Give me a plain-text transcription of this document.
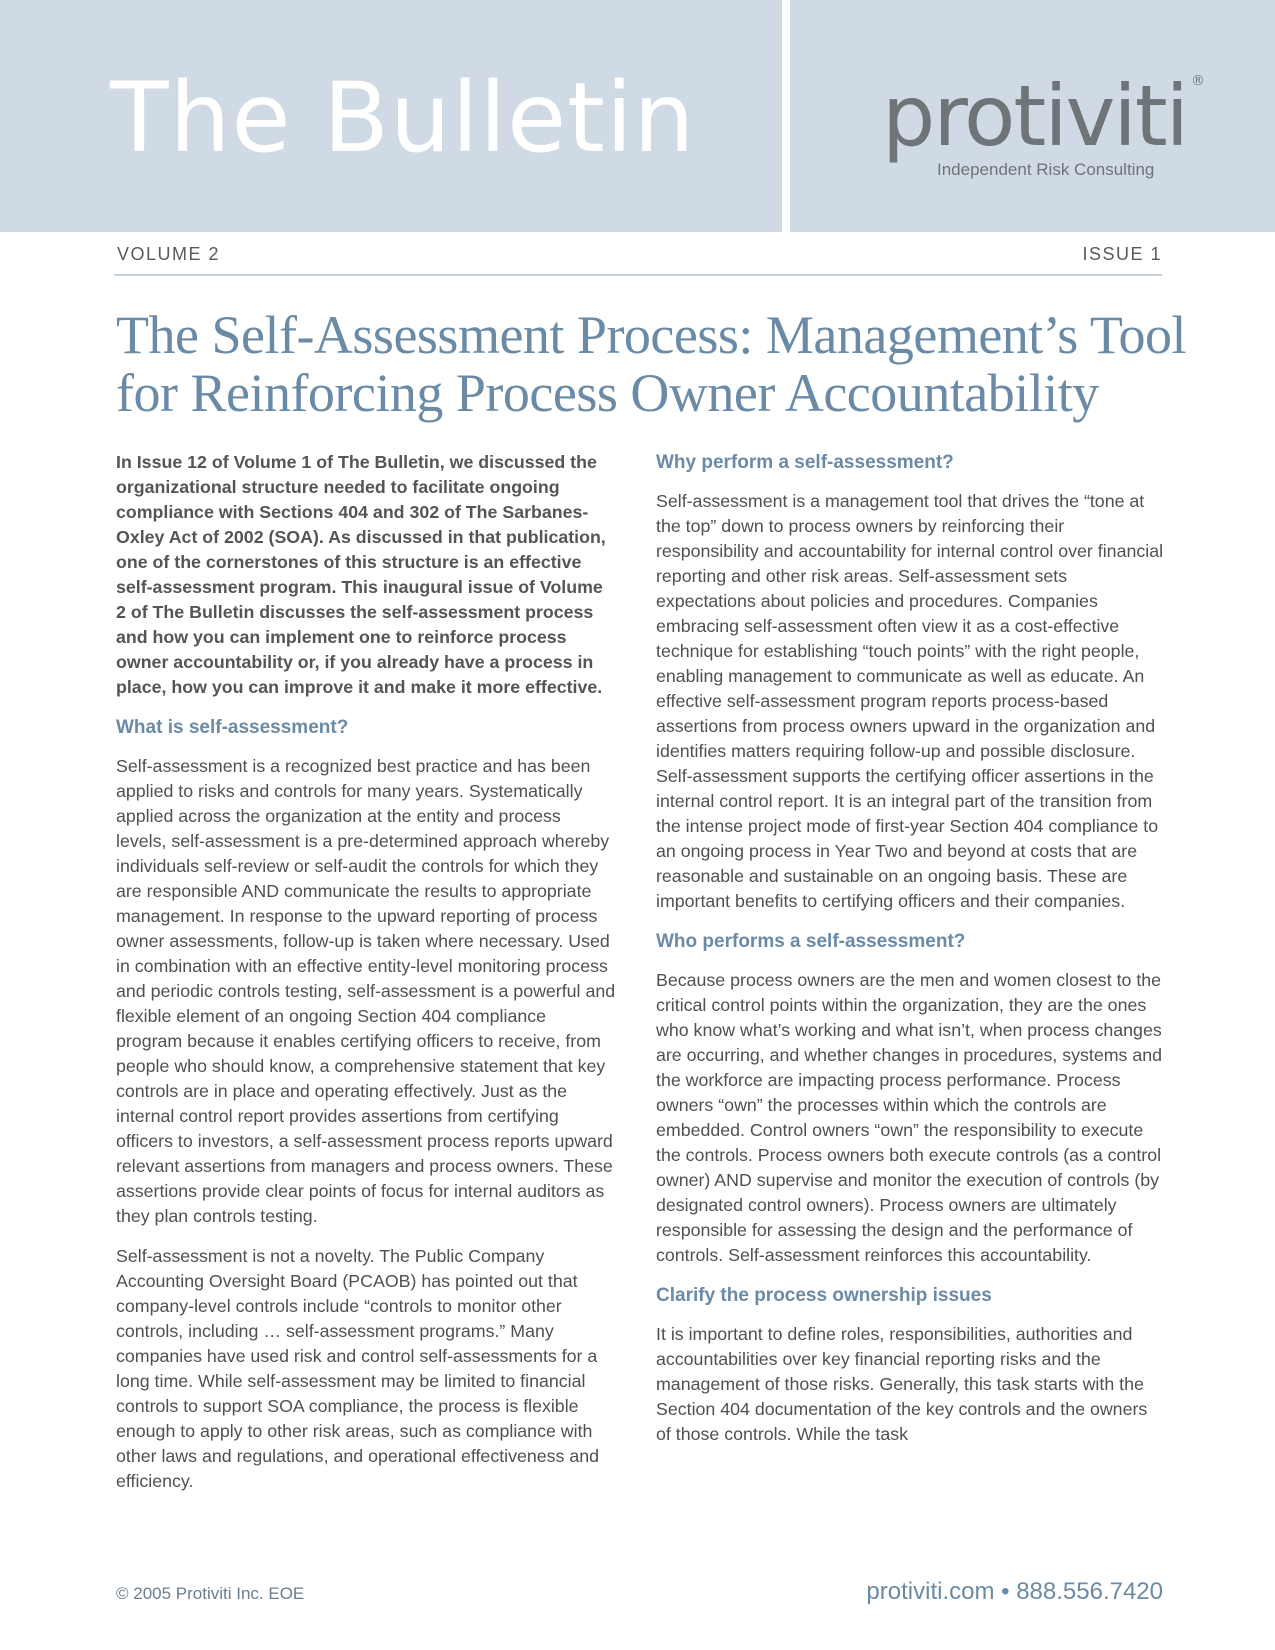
The Bulletin protiviti ®
Independent Risk Consulting
VOLUME 2	ISSUE 1
The Self-Assessment Process: Management’s Tool for Reinforcing Process Owner Accountability

In Issue 12 of Volume 1 of The Bulletin, we discussed the organizational structure needed to facilitate ongoing compliance with Sections 404 and 302 of The Sarbanes-Oxley Act of 2002 (SOA). As discussed in that publication, one of the cornerstones of this structure is an effective self-assessment program. This inaugural issue of Volume 2 of The Bulletin discusses the self-assessment process and how you can implement one to reinforce process owner accountability or, if you already have a process in place, how you can improve it and make it more effective.

What is self-assessment?

Self-assessment is a recognized best practice and has been applied to risks and controls for many years. Systematically applied across the organization at the entity and process levels, self-assessment is a pre-determined approach whereby individuals self-review or self-audit the controls for which they are responsible AND communicate the results to appropriate management. In response to the upward reporting of process owner assessments, follow-up is taken where necessary. Used in combination with an effective entity-level monitoring process and periodic controls testing, self-assessment is a powerful and flexible element of an ongoing Section 404 compliance program because it enables certifying officers to receive, from people who should know, a comprehensive statement that key controls are in place and operating effectively. Just as the internal control report provides assertions from certifying officers to investors, a self-assessment process reports upward relevant assertions from managers and process owners. These assertions provide clear points of focus for internal auditors as they plan controls testing.

Self-assessment is not a novelty. The Public Company Accounting Oversight Board (PCAOB) has pointed out that company-level controls include “controls to monitor other controls, including … self-assessment programs.” Many companies have used risk and control self-assessments for a long time. While self-assessment may be limited to financial controls to support SOA compliance, the process is flexible enough to apply to other risk areas, such as compliance with other laws and regulations, and operational effectiveness and efficiency.

Why perform a self-assessment?

Self-assessment is a management tool that drives the “tone at the top” down to process owners by reinforcing their responsibility and accountability for internal control over financial reporting and other risk areas. Self-assessment sets expectations about policies and procedures. Companies embracing self-assessment often view it as a cost-effective technique for establishing “touch points” with the right people, enabling management to communicate as well as educate. An effective self-assessment program reports process-based assertions from process owners upward in the organization and identifies matters requiring follow-up and possible disclosure. Self-assessment supports the certifying officer assertions in the internal control report. It is an integral part of the transition from the intense project mode of first-year Section 404 compliance to an ongoing process in Year Two and beyond at costs that are reasonable and sustainable on an ongoing basis. These are important benefits to certifying officers and their companies.

Who performs a self-assessment?

Because process owners are the men and women closest to the critical control points within the organization, they are the ones who know what’s working and what isn’t, when process changes are occurring, and whether changes in procedures, systems and the workforce are impacting process performance. Process owners “own” the processes within which the controls are embedded. Control owners “own” the responsibility to execute the controls. Process owners both execute controls (as a control owner) AND supervise and monitor the execution of controls (by designated control owners). Process owners are ultimately responsible for assessing the design and the performance of controls. Self-assessment reinforces this accountability.

Clarify the process ownership issues

It is important to define roles, responsibilities, authorities and accountabilities over key financial reporting risks and the management of those risks. Generally, this task starts with the Section 404 documentation of the key controls and the owners of those controls. While the task

© 2005 Protiviti Inc. EOE	protiviti.com • 888.556.7420
